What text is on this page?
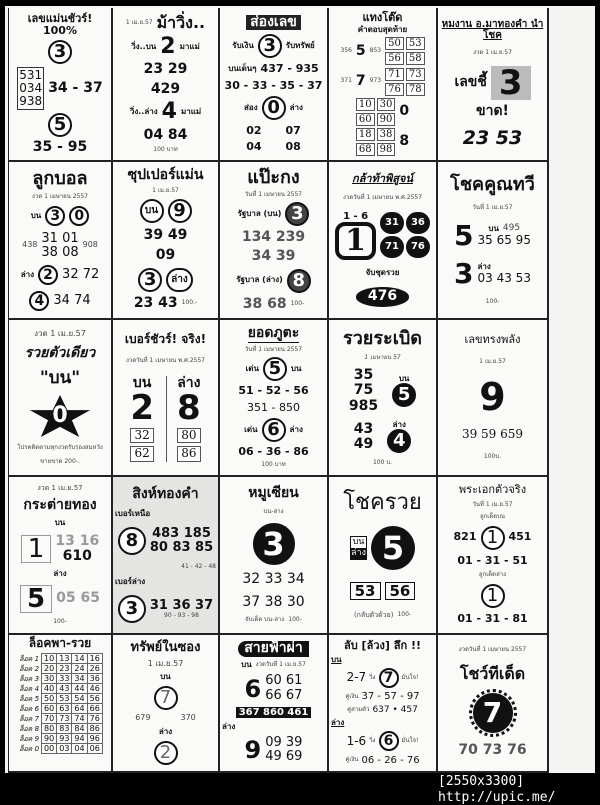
เลขแม่นชัวร์! 100%
3
531
034
938
34 - 37
5
35 - 95
1 เม.ย.57 ม้าวิ่ง..
วิ่ง..บน 2 มาแม่
23 29
429
วิ่ง..ล่าง 4 มาแม่
04 84
100 บาท
ส่องเลข
รับเงิน 3	รับทรัพย์
บนเด็นๆ 437 - 935
30 - 33 - 35 - 37
ส่อง 0	ล่าง
02 07
04 08
แทงโต๊ด
คำตอบสุดท้าย
356 5 853
50 53
56 58
371 7 973
71 73
76 78
10 30
60 90
0
18 38
68 98
8
หมงาน อ.มาทองคำ นำโชค
งวด 1 เม.ย.57
เลขชี้ 3
ขาด!
23 53
ลูกบอล
งวด 1 เมษายน 2557
บน 3	0
438 31 01
38 08 908
ล่าง 2 32 72
4 34 74
ซุปเปอร์แม่น
1 เม.ย.57
บน 9
39 49
09
3	ล่าง
23 43 100.-
แป๊ะกง
วันที่ 1 เมษายน 2557
รัฐบาล (บน) 3
134 239
34 39
รัฐบาล (ล่าง) 8
38 68 100-
กล้าท้าพิสูจน์
งวดวันที่ 1 เมษายน พ.ศ.2557
1 - 6
1	31	36
71	76
จับชุดรวย
476
โชคคูณทวี
วันที่ 1 เม.ย.57
5 บน 495
35 65 95
3 ล่าง
03 43 53
100-
งวด 1 เม.ย.57
รวยตัวเดียว
"บน"
0
โปรดติดตามทุกงวดรับรองสมหวัง
ขายขาด 200-.
เบอร์ชัวร์! จริง!
งวดวันที่ 1 เมษายน พ.ศ.2557
บน
2
32
62
ล่าง
8
80
86
ยอดภูตะ
วันที่ 1 เมษายน 2557
เด่น 5	บน
51 - 52 - 56
351 - 850
เด่น 6	ล่าง
06 - 36 - 86
100 บาท
รวยระเบิด
1 เมษายน 57
35
75
985
บน
5
43
49
ล่าง
4
100 บ.
เลขทรงพลัง
1 เม.ย.57
9
39 59 659
100บ.
งวด 1 เม.ย.57
กระต่ายทอง
บน
1 13 16
610
ล่าง
5 05 65
100-
สิงห์ทองคำ
เบอร์เหนือ
8	483 185
80 83 85
41 - 42 - 48
เบอร์ล่าง
3 31 36 37
90 - 93 - 98
หมูเซียน
บน-ล่าง
3
32 33 34
37 38 30
จับเด็ด บน-ล่าง 100-
โชครวย
บน
ล่าง 5
53 56
(กลับตัวด้วย) 100-
พระเอกตัวจริง
วันที่ 1 เม.ย.57
ลูกเด็ดบน
821 1 451
01 - 31 - 51
ลูกเด็ดล่าง
1
01 - 31 - 81
ล็อคพา-รวย
ล็อค 1	10	13	14	16
ล็อค 2	20	23	24	26
ล็อค 3	30	33	34	36
ล็อค 4	40	43	44	46
ล็อค 5	50	53	54	56
ล็อค 6	60	63	64	66
ล็อค 7	70	73	74	76
ล็อค 8	80	83	84	86
ล็อค 9	90	93	94	96
ล็อค 0	00	03	04	06
ทรัพย์ในซอง
1 เม.ย.57
บน
7
679	370
ล่าง
2
สายฟ้าผ่า
บน งวดวันที่ 1 เม.ย.57
6 60 61
66 67
367 860 461
ล่าง
9 09 39
49 69
ลับ [ล้วง] ลึก !!
บน
2-7 วิ่ง 7	มั่นใจ!
คู่เงิน 37 - 57 - 97
คู่สามตัว 637 • 457
ล่าง
1-6 วิ่ง 6	มั่นใจ!
คู่เงิน 06 - 26 - 76
งวดวันที่ 1 เมษายน 2557
โชว์ทีเด็ด
7
70 73 76
[2550x3300] http://upic.me/
